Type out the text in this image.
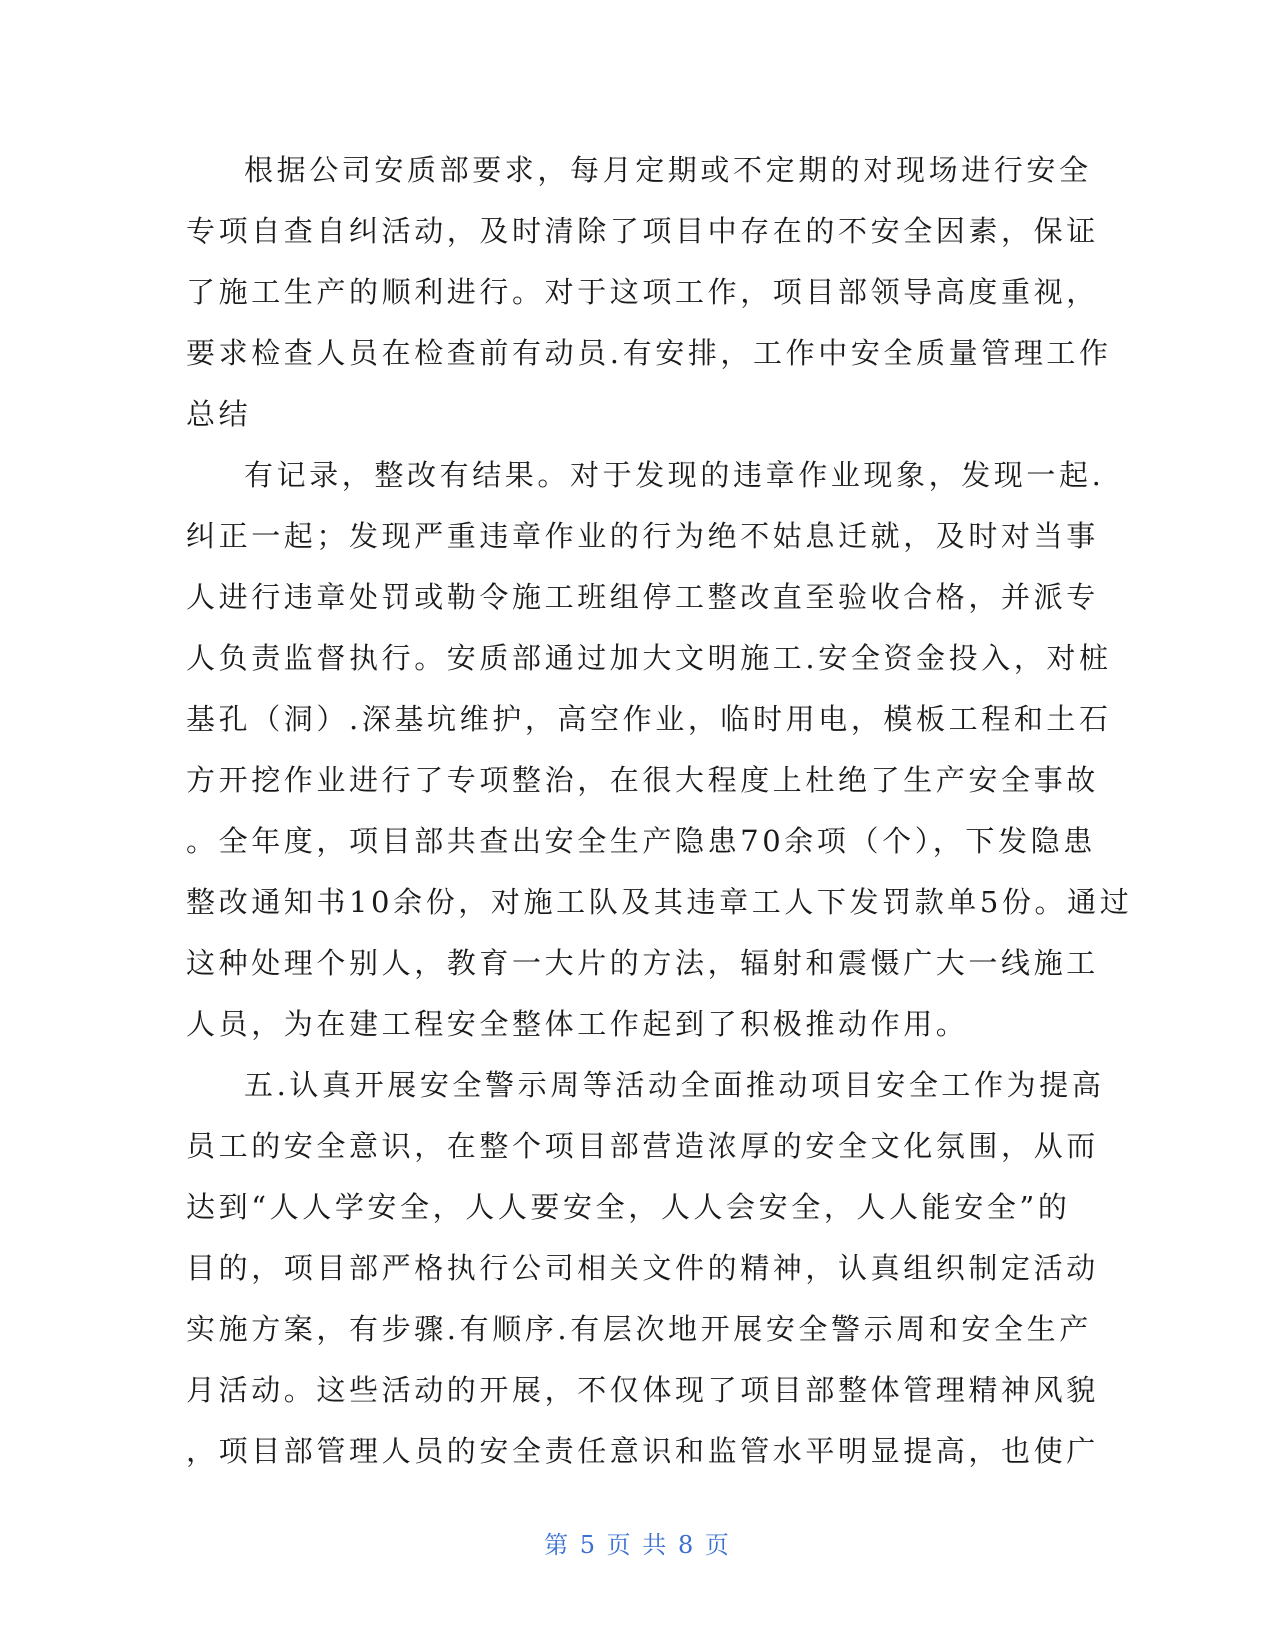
根据公司安质部要求，每月定期或不定期的对现场进行安全
专项自查自纠活动，及时清除了项目中存在的不安全因素，保证
了施工生产的顺利进行。对于这项工作，项目部领导高度重视，
要求检查人员在检查前有动员.有安排，工作中安全质量管理工作
总结
有记录，整改有结果。对于发现的违章作业现象，发现一起.
纠正一起；发现严重违章作业的行为绝不姑息迁就，及时对当事
人进行违章处罚或勒令施工班组停工整改直至验收合格，并派专
人负责监督执行。安质部通过加大文明施工.安全资金投入，对桩
基孔（洞）.深基坑维护，高空作业，临时用电，模板工程和土石
方开挖作业进行了专项整治，在很大程度上杜绝了生产安全事故
。全年度，项目部共查出安全生产隐患70余项（个），下发隐患
整改通知书10余份，对施工队及其违章工人下发罚款单5份。通过
这种处理个别人，教育一大片的方法，辐射和震慑广大一线施工
人员，为在建工程安全整体工作起到了积极推动作用。
五.认真开展安全警示周等活动全面推动项目安全工作为提高
员工的安全意识，在整个项目部营造浓厚的安全文化氛围，从而
达到“人人学安全，人人要安全，人人会安全，人人能安全”的
目的，项目部严格执行公司相关文件的精神，认真组织制定活动
实施方案，有步骤.有顺序.有层次地开展安全警示周和安全生产
月活动。这些活动的开展，不仅体现了项目部整体管理精神风貌
，项目部管理人员的安全责任意识和监管水平明显提高，也使广
第 5 页 共 8 页
